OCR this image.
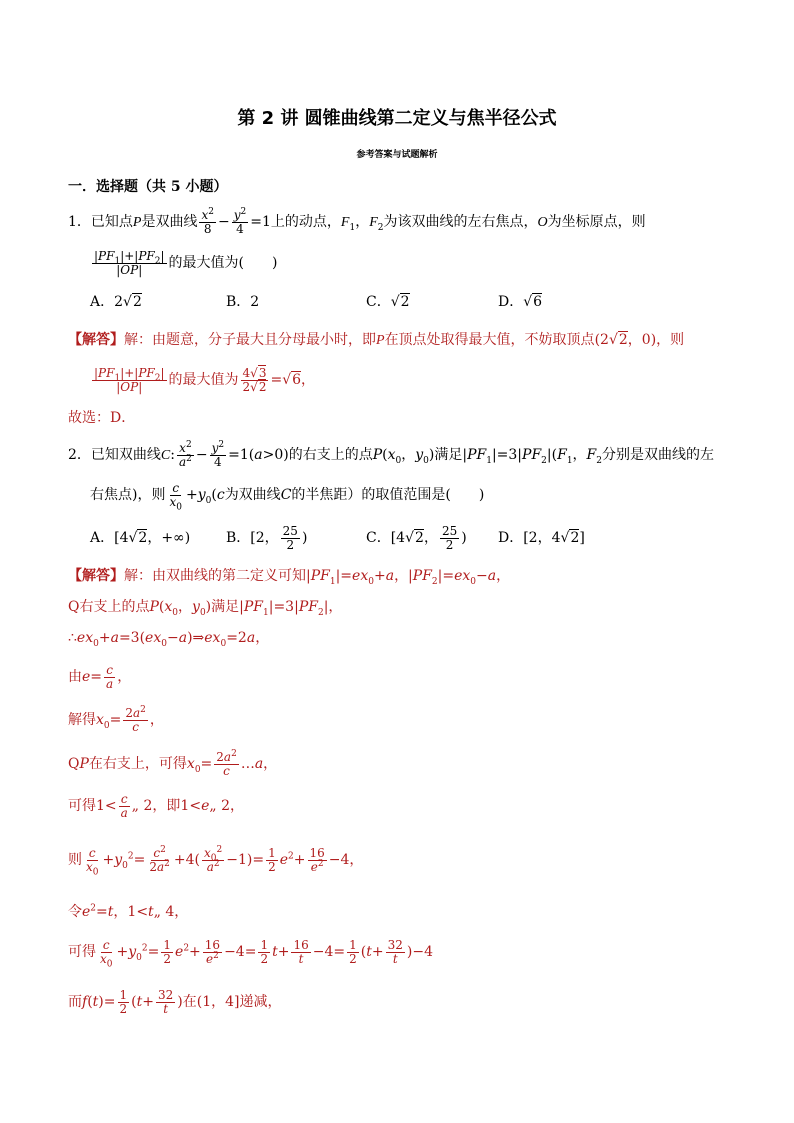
第 2 讲 圆锥曲线第二定义与焦半径公式
参考答案与试题解析
一．选择题（共 5 小题）
1．已知点P是双曲线 $\frac{x^2}{8} - \frac{y^2}{4} =1$上的动点，$F_1$，$F_2$为该双曲线的左右焦点，O为坐标原点，则
$\frac{|PF_1|+|PF_2|}{|OP|}$ 的最大值为(　　)
A．2√2	B．2	C．√2	D．√6
【解答】解：由题意，分子最大且分母最小时，即P在顶点处取得最大值，不妨取顶点(2√2，0)，则
$\frac{|PF_1|+|PF_2|}{|OP|}$ 的最大值为 $\frac{4√3}{2√2} =√6$，
故选：D．
2．已知双曲线C: $\frac{x^2}{a^2} - \frac{y^2}{4} =1(a>0)$的右支上的点$P(x_0$，$y_0$)满足$|PF_1|=3|PF_2|(F_1$，$F_2$分别是双曲线的左
右焦点)，则 $\frac{c}{x_0} +y_0(c$为双曲线C的半焦距）的取值范围是(　　)
A．[4√2，+∞)	B．[2， $\frac{25}{2}$ )	C．[4√2， $\frac{25}{2}$ ) D．[2，4√2]
【解答】解：由双曲线的第二定义可知$|PF_1|=ex_0+a$，$|PF_2|=ex_0-a$，
Q右支上的点$P(x_0$，$y_0$)满足$|PF_1|=3|PF_2|$，
$\therefore ex_0+a=3(ex_0-a)\Rightarrow ex_0=2a$，
由$e= \frac{c}{a}$ ，
解得$x_0= \frac{2a^2}{c}$ ，
QP在右支上，可得$x_0= \frac{2a^2}{c}$ …a，
可得$1< \frac{c}{a}$ „ 2，即1<e„ 2，
则 $\frac{c}{x_0} +y_0^2= \frac{c^2}{2a^2} +4( \frac{x_0^2}{a^2} -1)= \frac{1}{2} e^2+ \frac{16}{e^2} -4$，
令$e^2=t$，1<t„ 4，
可得 $\frac{c}{x_0} +y_0^2= \frac{1}{2} e^2+ \frac{16}{e^2} -4= \frac{1}{2} t+ \frac{16}{t} -4= \frac{1}{2} (t+ \frac{32}{t} )-4$
而$f(t)= \frac{1}{2} (t+ \frac{32}{t}$ )在(1，4]递减，
